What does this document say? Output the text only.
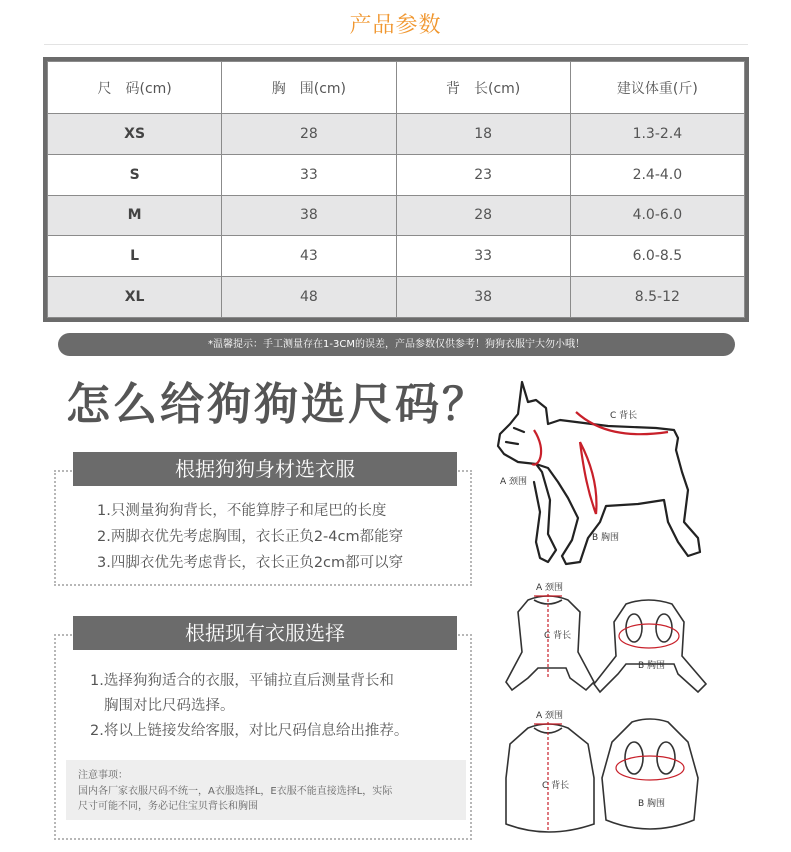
产品参数
尺　码(cm)	胸　围(cm)	背　长(cm)	建议体重(斤)
XS	28	18	1.3-2.4
S	33	23	2.4-4.0
M	38	28	4.0-6.0
L	43	33	6.0-8.5
XL	48	38	8.5-12
*温馨提示：手工测量存在1-3CM的误差，产品参数仅供参考！狗狗衣服宁大勿小哦！
怎么给狗狗选尺码？
根据狗狗身材选衣服
1.只测量狗狗背长，不能算脖子和尾巴的长度
2.两脚衣优先考虑胸围，衣长正负2-4cm都能穿
3.四脚衣优先考虑背长，衣长正负2cm都可以穿
根据现有衣服选择
1.选择狗狗适合的衣服，平铺拉直后测量背长和
胸围对比尺码选择。
2.将以上链接发给客服，对比尺码信息给出推荐。
注意事项：
国内各厂家衣服尺码不统一，A衣服选择L，E衣服不能直接选择L，实际
尺寸可能不同，务必记住宝贝背长和胸围
C 背长
A 颈围
B 胸围
A 颈围
C 背长
B 胸围
A 颈围
C 背长
B 胸围
